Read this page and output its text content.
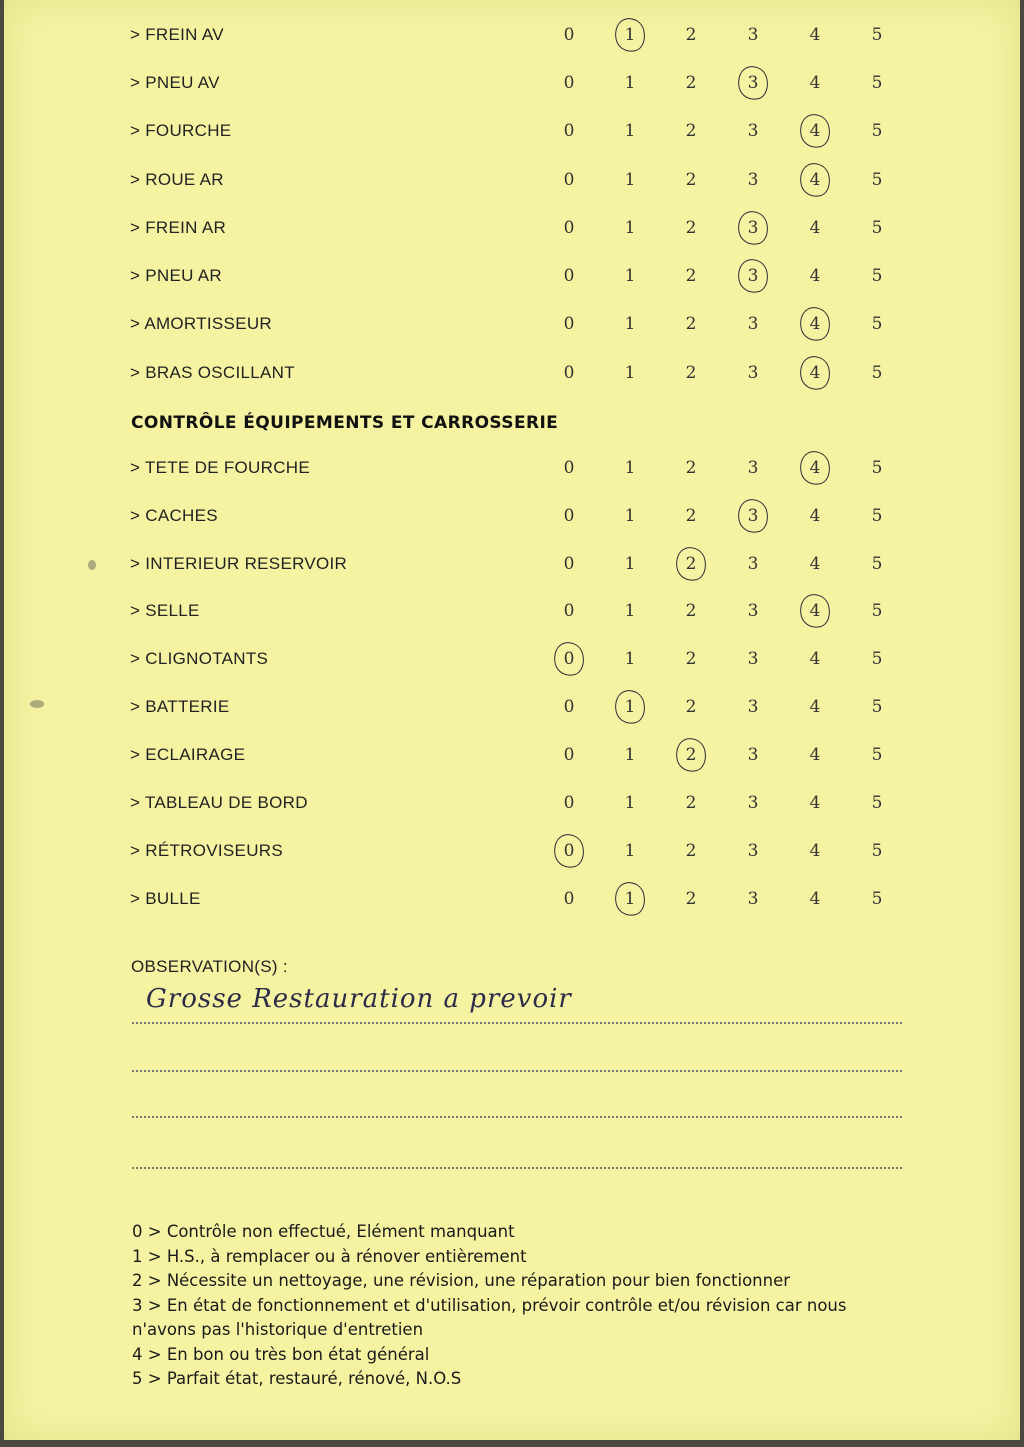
> FREIN AV	0	1	2	3	4	5
> PNEU AV	0	1	2	3	4	5
> FOURCHE	0	1	2	3	4	5
> ROUE AR	0	1	2	3	4	5
> FREIN AR	0	1	2	3	4	5
> PNEU AR	0	1	2	3	4	5
> AMORTISSEUR	0	1	2	3	4	5
> BRAS OSCILLANT	0	1	2	3	4	5
CONTRÔLE ÉQUIPEMENTS ET CARROSSERIE
> TETE DE FOURCHE	0	1	2	3	4	5
> CACHES	0	1	2	3	4	5
> INTERIEUR RESERVOIR	0	1	2	3	4	5
> SELLE	0	1	2	3	4	5
> CLIGNOTANTS	0	1	2	3	4	5
> BATTERIE	0	1	2	3	4	5
> ECLAIRAGE	0	1	2	3	4	5
> TABLEAU DE BORD	0	1	2	3	4	5
> RÉTROVISEURS	0	1	2	3	4	5
> BULLE	0	1	2	3	4	5
OBSERVATION(S) :
Grosse Restauration a prevoir
0 > Contrôle non effectué, Elément manquant
1 > H.S., à remplacer ou à rénover entièrement
2 > Nécessite un nettoyage, une révision, une réparation pour bien fonctionner
3 > En état de fonctionnement et d'utilisation, prévoir contrôle et/ou révision car nous n'avons pas l'historique d'entretien
4 > En bon ou très bon état général
5 > Parfait état, restauré, rénové, N.O.S
